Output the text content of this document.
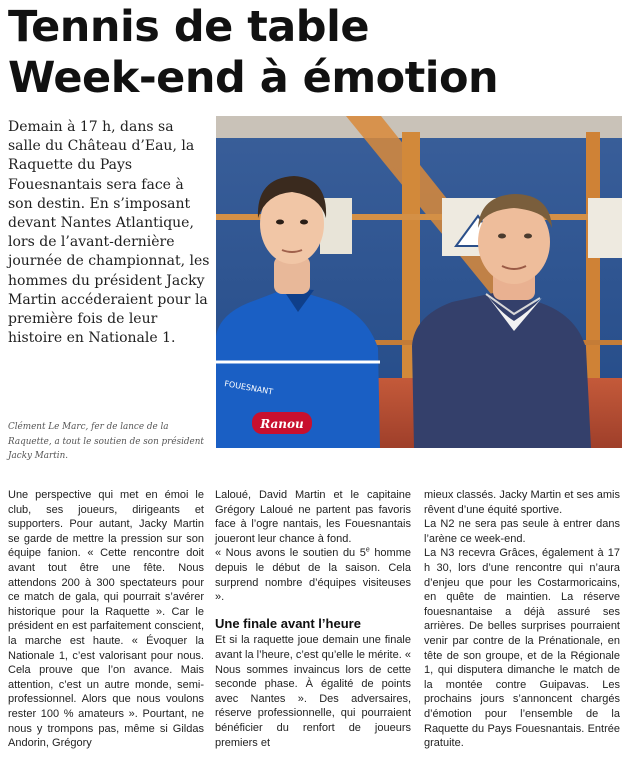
Tennis de table
Week-end à émotion

Demain à 17 h, dans sa salle du Château d’Eau, la Raquette du Pays Fouesnantais sera face à son destin. En s’imposant devant Nantes Atlantique, lors de l’avant-dernière journée de championnat, les hommes du président Jacky Martin accéderaient pour la première fois de leur histoire en Nationale 1.

FOUESNANT
Ranou

Clément Le Marc, fer de lance de la Raquette, a tout le soutien de son président Jacky Martin.

Une perspective qui met en émoi le club, ses joueurs, dirigeants et supporters. Pour autant, Jacky Martin se garde de mettre la pression sur son équipe fanion. « Cette rencontre doit avant tout être une fête. Nous attendons 200 à 300 spectateurs pour ce match de gala, qui pourrait s’avérer historique pour la Raquette ». Car le président en est parfaitement conscient, la marche est haute. « Évoquer la Nationale 1, c’est valorisant pour nous. Cela prouve que l’on avance. Mais attention, c’est un autre monde, semi-professionnel. Alors que nous voulons rester 100 % amateurs ». Pourtant, ne nous y trompons pas, même si Gildas Andorin, Grégory

Laloué, David Martin et le capitaine Grégory Laloué ne partent pas favoris face à l’ogre nantais, les Fouesnantais joueront leur chance à fond.

« Nous avons le soutien du 5e homme depuis le début de la saison. Cela surprend nombre d’équipes visiteuses ».

Une finale avant l’heure

Et si la raquette joue demain une finale avant la l’heure, c’est qu’elle le mérite. « Nous sommes invaincus lors de cette seconde phase. À égalité de points avec Nantes ». Des adversaires, réserve professionnelle, qui pourraient bénéficier du renfort de joueurs premiers et

mieux classés. Jacky Martin et ses amis rêvent d’une équité sportive.

La N2 ne sera pas seule à entrer dans l’arène ce week-end.

La N3 recevra Grâces, également à 17 h 30, lors d’une rencontre qui n’aura d’enjeu que pour les Costarmoricains, en quête de maintien. La réserve fouesnantaise a déjà assuré ses arrières. De belles surprises pourraient venir par contre de la Prénationale, en tête de son groupe, et de la Régionale 1, qui disputera dimanche le match de la montée contre Guipavas. Les prochains jours s’annoncent chargés d’émotion pour l’ensemble de la Raquette du Pays Fouesnantais. Entrée gratuite.
